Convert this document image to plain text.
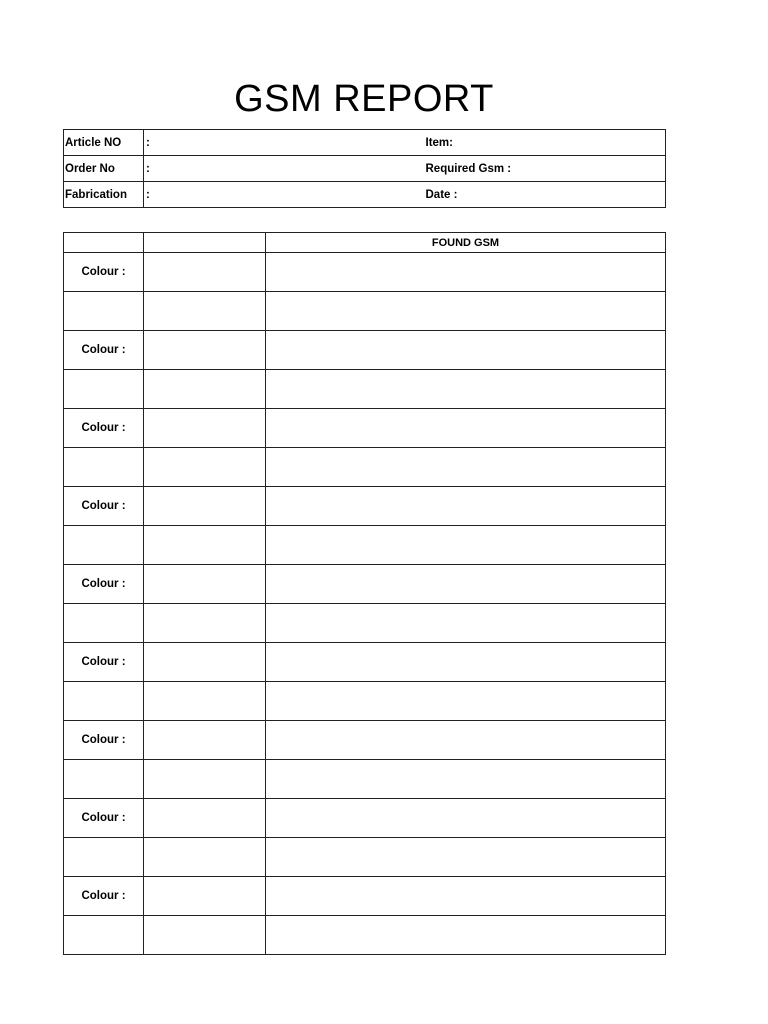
GSM REPORT
Article NO	:	Item:
Order No	:	Required Gsm :
Fabrication	:	Date :
		FOUND GSM
Colour :		

Colour :		

Colour :		

Colour :		

Colour :		

Colour :		

Colour :		

Colour :		

Colour :		
